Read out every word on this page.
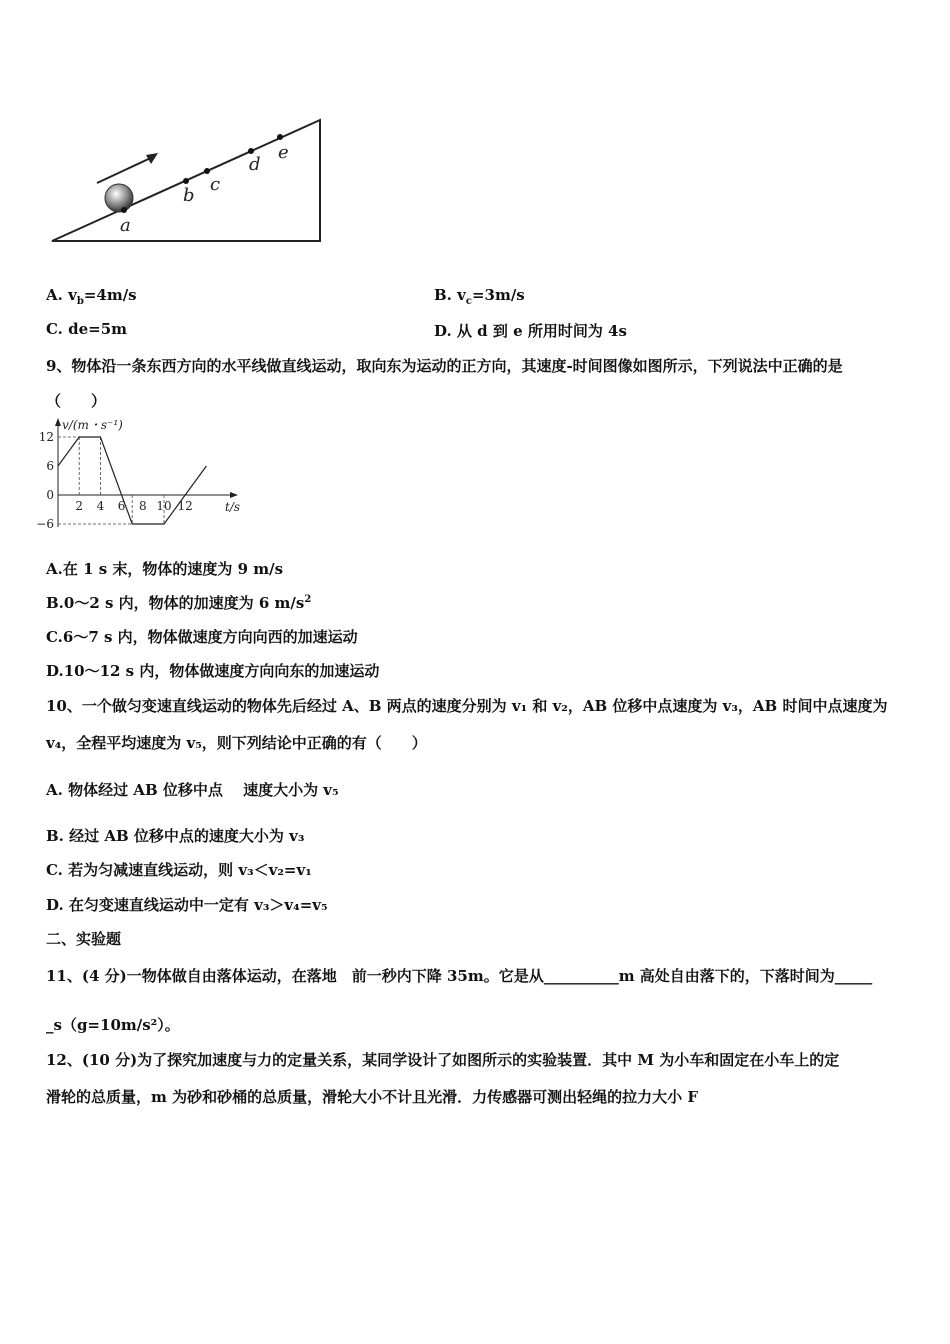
a
b
c
d
e
A. $v_b=4m/s$	B. $v_c=3m/s$
C. de=5m	D. 从 d 到 e 所用时间为 4s
9、物体沿一条东西方向的水平线做直线运动，取向东为运动的正方向，其速度-时间图像如图所示，下列说法中正确的是
（　　）
v/(m・s⁻¹)
t/s
12
6
0
−6
2 4 6 8 10 12
A.在 1 s 末，物体的速度为 9 m/s
B.0～2 s 内，物体的加速度为 6 $m/s^2$
C.6～7 s 内，物体做速度方向向西的加速运动
D.10～12 s 内，物体做速度方向向东的加速运动
10、一个做匀变速直线运动的物体先后经过 A、B 两点的速度分别为 v₁ 和 v₂，AB 位移中点速度为 v₃，AB 时间中点速度为
v₄，全程平均速度为 v₅，则下列结论中正确的有（　　）
A. 物体经过 AB 位移中点　 速度大小为 v₅
B. 经过 AB 位移中点的速度大小为 v₃
C. 若为匀减速直线运动，则 v₃＜v₂=v₁
D. 在匀变速直线运动中一定有 v₃＞v₄=v₅
二、实验题
11、(4 分)一物体做自由落体运动，在落地　前一秒内下降 35m。它是从__________m 高处自由落下的，下落时间为_____
_s（g=10m/s²）。
12、(10 分)为了探究加速度与力的定量关系，某同学设计了如图所示的实验装置．其中 M 为小车和固定在小车上的定
滑轮的总质量，m 为砂和砂桶的总质量，滑轮大小不计且光滑．力传感器可测出轻绳的拉力大小 F
